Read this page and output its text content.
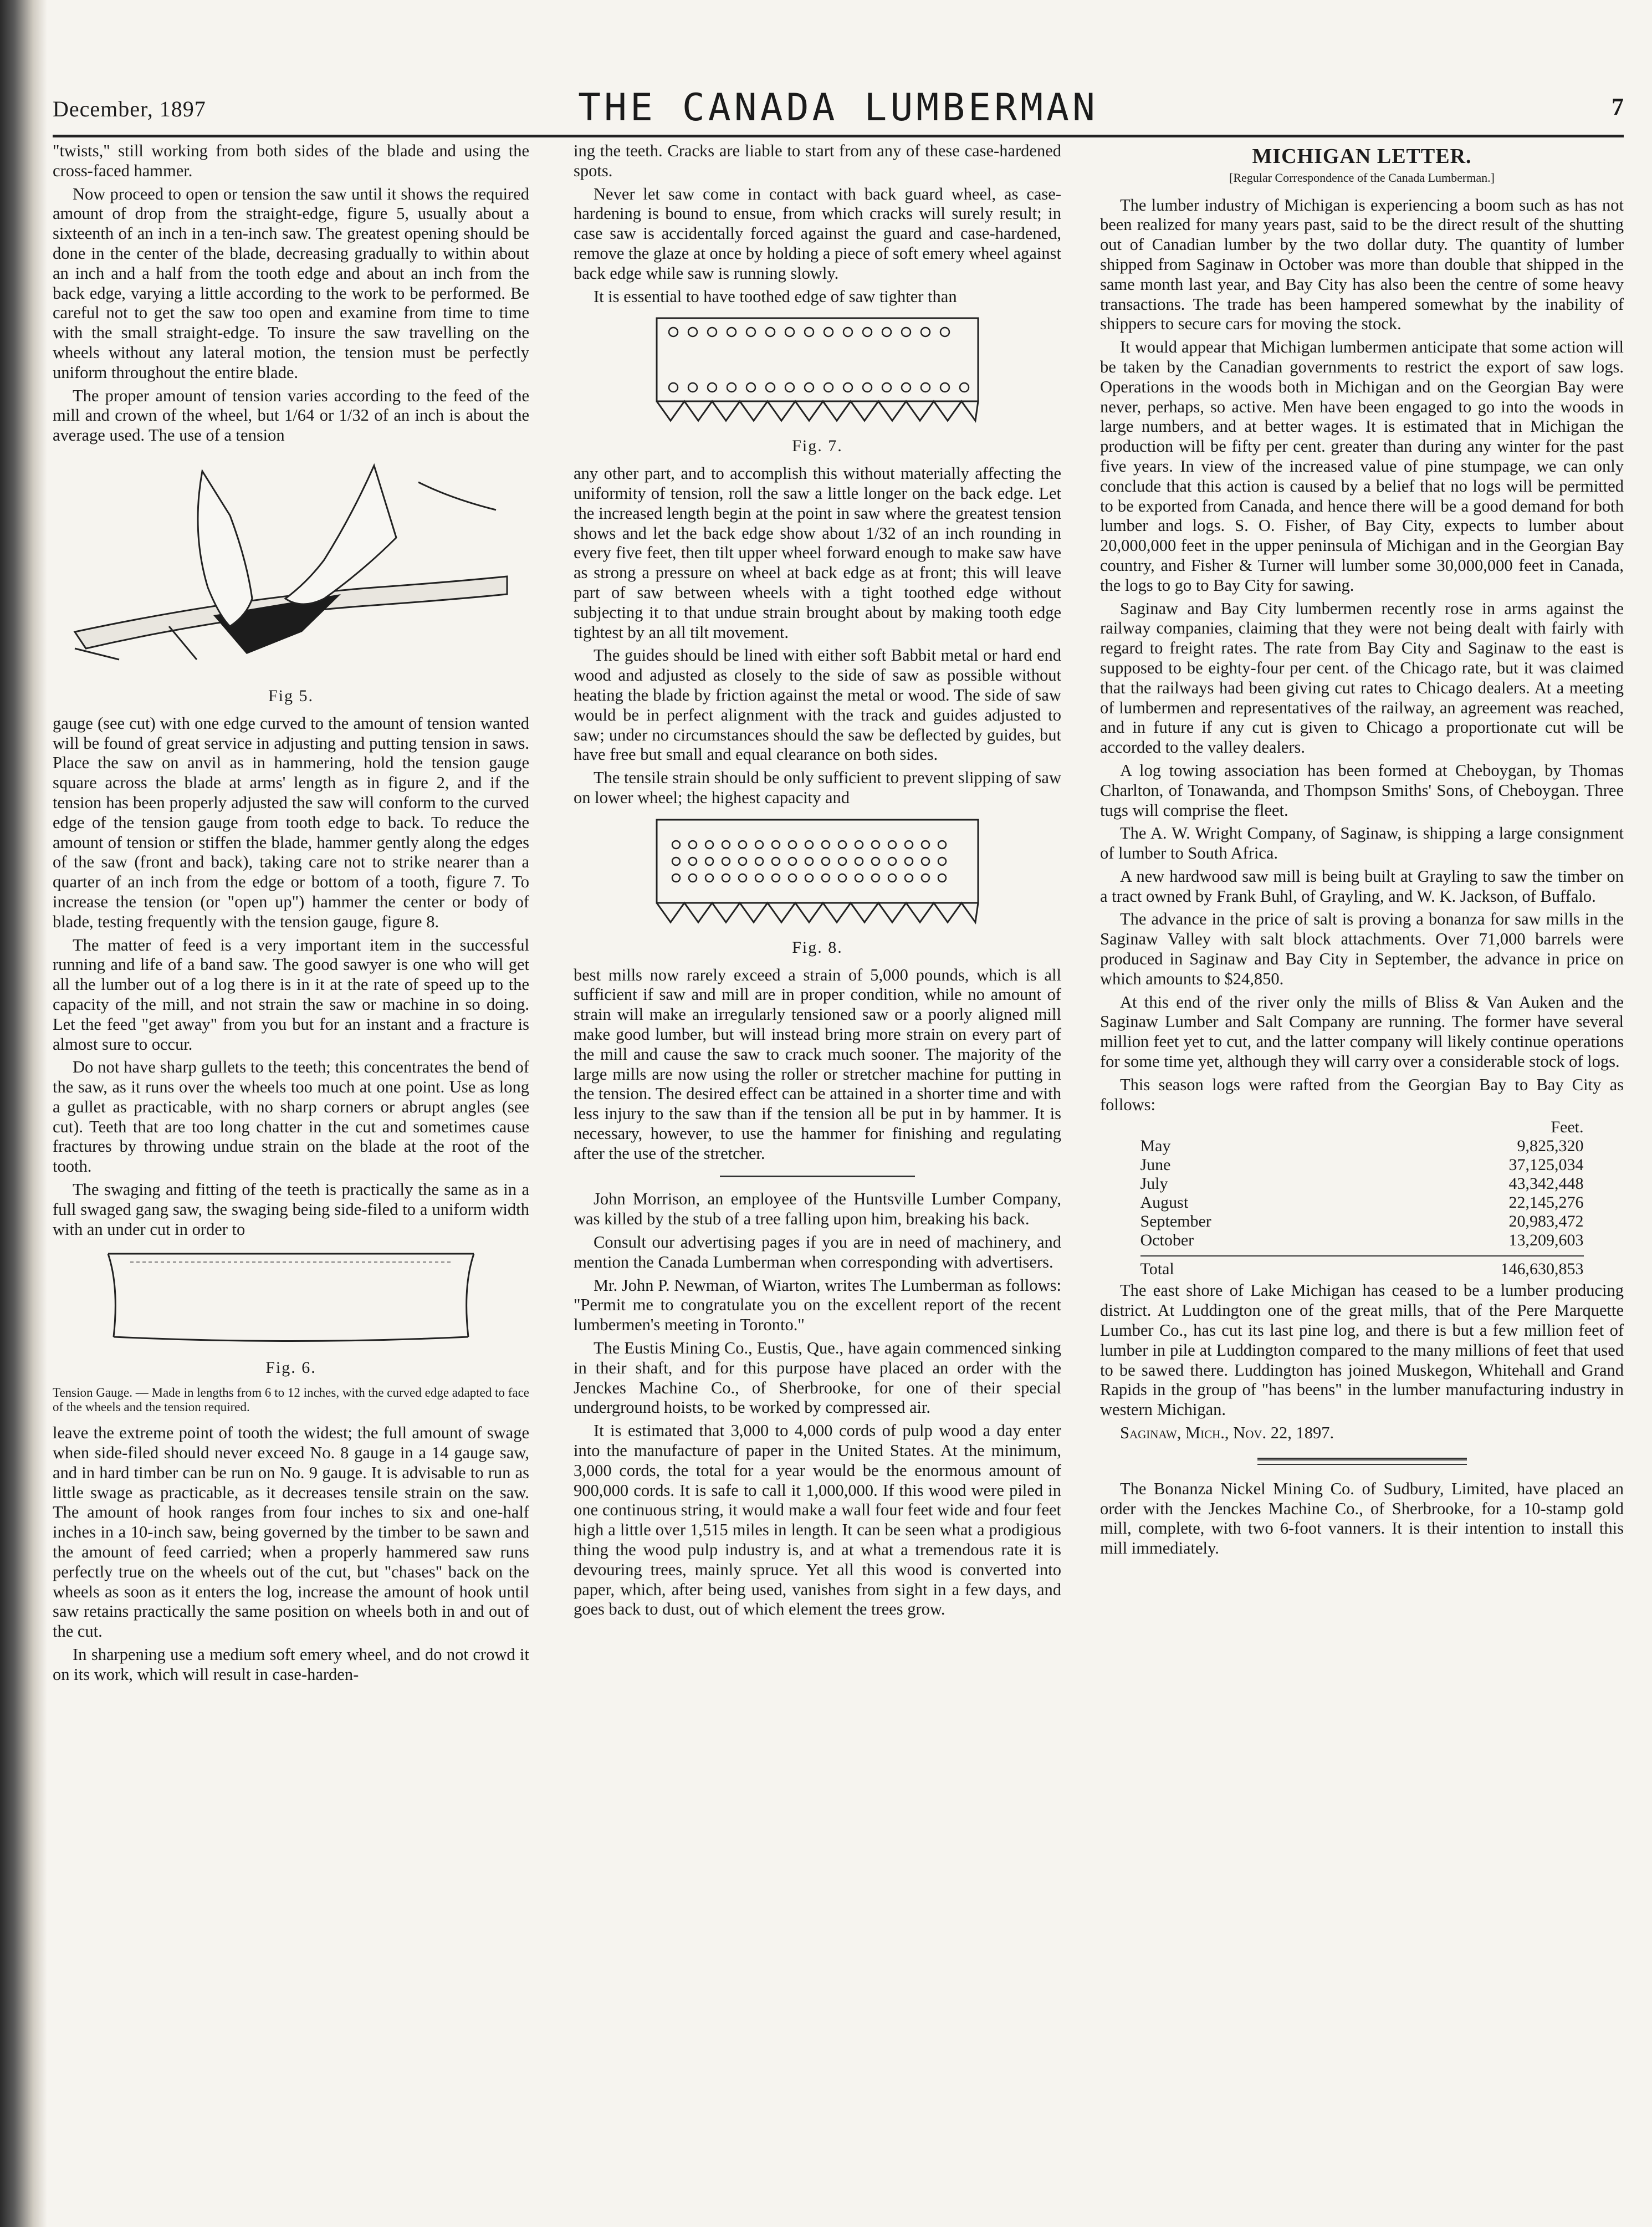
December, 1897	THE CANADA LUMBERMAN	7

"twists," still working from both sides of the blade and using the cross-faced hammer.

Now proceed to open or tension the saw until it shows the required amount of drop from the straight-edge, figure 5, usually about a sixteenth of an inch in a ten-inch saw. The greatest opening should be done in the center of the blade, decreasing gradually to within about an inch and a half from the tooth edge and about an inch from the back edge, varying a little according to the work to be performed. Be careful not to get the saw too open and examine from time to time with the small straight-edge. To insure the saw travelling on the wheels without any lateral motion, the tension must be perfectly uniform throughout the entire blade.

The proper amount of tension varies according to the feed of the mill and crown of the wheel, but 1/64 or 1/32 of an inch is about the average used. The use of a tension

Fig 5.

gauge (see cut) with one edge curved to the amount of tension wanted will be found of great service in adjusting and putting tension in saws. Place the saw on anvil as in hammering, hold the tension gauge square across the blade at arms' length as in figure 2, and if the tension has been properly adjusted the saw will conform to the curved edge of the tension gauge from tooth edge to back. To reduce the amount of tension or stiffen the blade, hammer gently along the edges of the saw (front and back), taking care not to strike nearer than a quarter of an inch from the edge or bottom of a tooth, figure 7. To increase the tension (or "open up") hammer the center or body of blade, testing frequently with the tension gauge, figure 8.

The matter of feed is a very important item in the successful running and life of a band saw. The good sawyer is one who will get all the lumber out of a log there is in it at the rate of speed up to the capacity of the mill, and not strain the saw or machine in so doing. Let the feed "get away" from you but for an instant and a fracture is almost sure to occur.

Do not have sharp gullets to the teeth; this concentrates the bend of the saw, as it runs over the wheels too much at one point. Use as long a gullet as practicable, with no sharp corners or abrupt angles (see cut). Teeth that are too long chatter in the cut and sometimes cause fractures by throwing undue strain on the blade at the root of the tooth.

The swaging and fitting of the teeth is practically the same as in a full swaged gang saw, the swaging being side-filed to a uniform width with an under cut in order to

Fig. 6.
Tension Gauge. — Made in lengths from 6 to 12 inches, with the curved edge adapted to face of the wheels and the tension required.

leave the extreme point of tooth the widest; the full amount of swage when side-filed should never exceed No. 8 gauge in a 14 gauge saw, and in hard timber can be run on No. 9 gauge. It is advisable to run as little swage as practicable, as it decreases tensile strain on the saw. The amount of hook ranges from four inches to six and one-half inches in a 10-inch saw, being governed by the timber to be sawn and the amount of feed carried; when a properly hammered saw runs perfectly true on the wheels out of the cut, but "chases" back on the wheels as soon as it enters the log, increase the amount of hook until saw retains practically the same position on wheels both in and out of the cut.

In sharpening use a medium soft emery wheel, and do not crowd it on its work, which will result in case-harden-

ing the teeth. Cracks are liable to start from any of these case-hardened spots.

Never let saw come in contact with back guard wheel, as case-hardening is bound to ensue, from which cracks will surely result; in case saw is accidentally forced against the guard and case-hardened, remove the glaze at once by holding a piece of soft emery wheel against back edge while saw is running slowly.

It is essential to have toothed edge of saw tighter than

Fig. 7.

any other part, and to accomplish this without materially affecting the uniformity of tension, roll the saw a little longer on the back edge. Let the increased length begin at the point in saw where the greatest tension shows and let the back edge show about 1/32 of an inch rounding in every five feet, then tilt upper wheel forward enough to make saw have as strong a pressure on wheel at back edge as at front; this will leave part of saw between wheels with a tight toothed edge without subjecting it to that undue strain brought about by making tooth edge tightest by an all tilt movement.

The guides should be lined with either soft Babbit metal or hard end wood and adjusted as closely to the side of saw as possible without heating the blade by friction against the metal or wood. The side of saw would be in perfect alignment with the track and guides adjusted to saw; under no circumstances should the saw be deflected by guides, but have free but small and equal clearance on both sides.

The tensile strain should be only sufficient to prevent slipping of saw on lower wheel; the highest capacity and

Fig. 8.

best mills now rarely exceed a strain of 5,000 pounds, which is all sufficient if saw and mill are in proper condition, while no amount of strain will make an irregularly tensioned saw or a poorly aligned mill make good lumber, but will instead bring more strain on every part of the mill and cause the saw to crack much sooner. The majority of the large mills are now using the roller or stretcher machine for putting in the tension. The desired effect can be attained in a shorter time and with less injury to the saw than if the tension all be put in by hammer. It is necessary, however, to use the hammer for finishing and regulating after the use of the stretcher.

John Morrison, an employee of the Huntsville Lumber Company, was killed by the stub of a tree falling upon him, breaking his back.

Consult our advertising pages if you are in need of machinery, and mention the Canada Lumberman when corresponding with advertisers.

Mr. John P. Newman, of Wiarton, writes The Lumberman as follows: "Permit me to congratulate you on the excellent report of the recent lumbermen's meeting in Toronto."

The Eustis Mining Co., Eustis, Que., have again commenced sinking in their shaft, and for this purpose have placed an order with the Jenckes Machine Co., of Sherbrooke, for one of their special underground hoists, to be worked by compressed air.

It is estimated that 3,000 to 4,000 cords of pulp wood a day enter into the manufacture of paper in the United States. At the minimum, 3,000 cords, the total for a year would be the enormous amount of 900,000 cords. It is safe to call it 1,000,000. If this wood were piled in one continuous string, it would make a wall four feet wide and four feet high a little over 1,515 miles in length. It can be seen what a prodigious thing the wood pulp industry is, and at what a tremendous rate it is devouring trees, mainly spruce. Yet all this wood is converted into paper, which, after being used, vanishes from sight in a few days, and goes back to dust, out of which element the trees grow.

MICHIGAN LETTER.
[Regular Correspondence of the Canada Lumberman.]

The lumber industry of Michigan is experiencing a boom such as has not been realized for many years past, said to be the direct result of the shutting out of Canadian lumber by the two dollar duty. The quantity of lumber shipped from Saginaw in October was more than double that shipped in the same month last year, and Bay City has also been the centre of some heavy transactions. The trade has been hampered somewhat by the inability of shippers to secure cars for moving the stock.

It would appear that Michigan lumbermen anticipate that some action will be taken by the Canadian governments to restrict the export of saw logs. Operations in the woods both in Michigan and on the Georgian Bay were never, perhaps, so active. Men have been engaged to go into the woods in large numbers, and at better wages. It is estimated that in Michigan the production will be fifty per cent. greater than during any winter for the past five years. In view of the increased value of pine stumpage, we can only conclude that this action is caused by a belief that no logs will be permitted to be exported from Canada, and hence there will be a good demand for both lumber and logs. S. O. Fisher, of Bay City, expects to lumber about 20,000,000 feet in the upper peninsula of Michigan and in the Georgian Bay country, and Fisher & Turner will lumber some 30,000,000 feet in Canada, the logs to go to Bay City for sawing.

Saginaw and Bay City lumbermen recently rose in arms against the railway companies, claiming that they were not being dealt with fairly with regard to freight rates. The rate from Bay City and Saginaw to the east is supposed to be eighty-four per cent. of the Chicago rate, but it was claimed that the railways had been giving cut rates to Chicago dealers. At a meeting of lumbermen and representatives of the railway, an agreement was reached, and in future if any cut is given to Chicago a proportionate cut will be accorded to the valley dealers.

A log towing association has been formed at Cheboygan, by Thomas Charlton, of Tonawanda, and Thompson Smiths' Sons, of Cheboygan. Three tugs will comprise the fleet.

The A. W. Wright Company, of Saginaw, is shipping a large consignment of lumber to South Africa.

A new hardwood saw mill is being built at Grayling to saw the timber on a tract owned by Frank Buhl, of Grayling, and W. K. Jackson, of Buffalo.

The advance in the price of salt is proving a bonanza for saw mills in the Saginaw Valley with salt block attachments. Over 71,000 barrels were produced in Saginaw and Bay City in September, the advance in price on which amounts to $24,850.

At this end of the river only the mills of Bliss & Van Auken and the Saginaw Lumber and Salt Company are running. The former have several million feet yet to cut, and the latter company will likely continue operations for some time yet, although they will carry over a considerable stock of logs.

This season logs were rafted from the Georgian Bay to Bay City as follows:

Feet.
May	9,825,320
June	37,125,034
July	43,342,448
August	22,145,276
September	20,983,472
October	13,209,603
Total	146,630,853

The east shore of Lake Michigan has ceased to be a lumber producing district. At Luddington one of the great mills, that of the Pere Marquette Lumber Co., has cut its last pine log, and there is but a few million feet of lumber in pile at Luddington compared to the many millions of feet that used to be sawed there. Luddington has joined Muskegon, Whitehall and Grand Rapids in the group of "has beens" in the lumber manufacturing industry in western Michigan.

Saginaw, Mich., Nov. 22, 1897.

The Bonanza Nickel Mining Co. of Sudbury, Limited, have placed an order with the Jenckes Machine Co., of Sherbrooke, for a 10-stamp gold mill, complete, with two 6-foot vanners. It is their intention to install this mill immediately.
